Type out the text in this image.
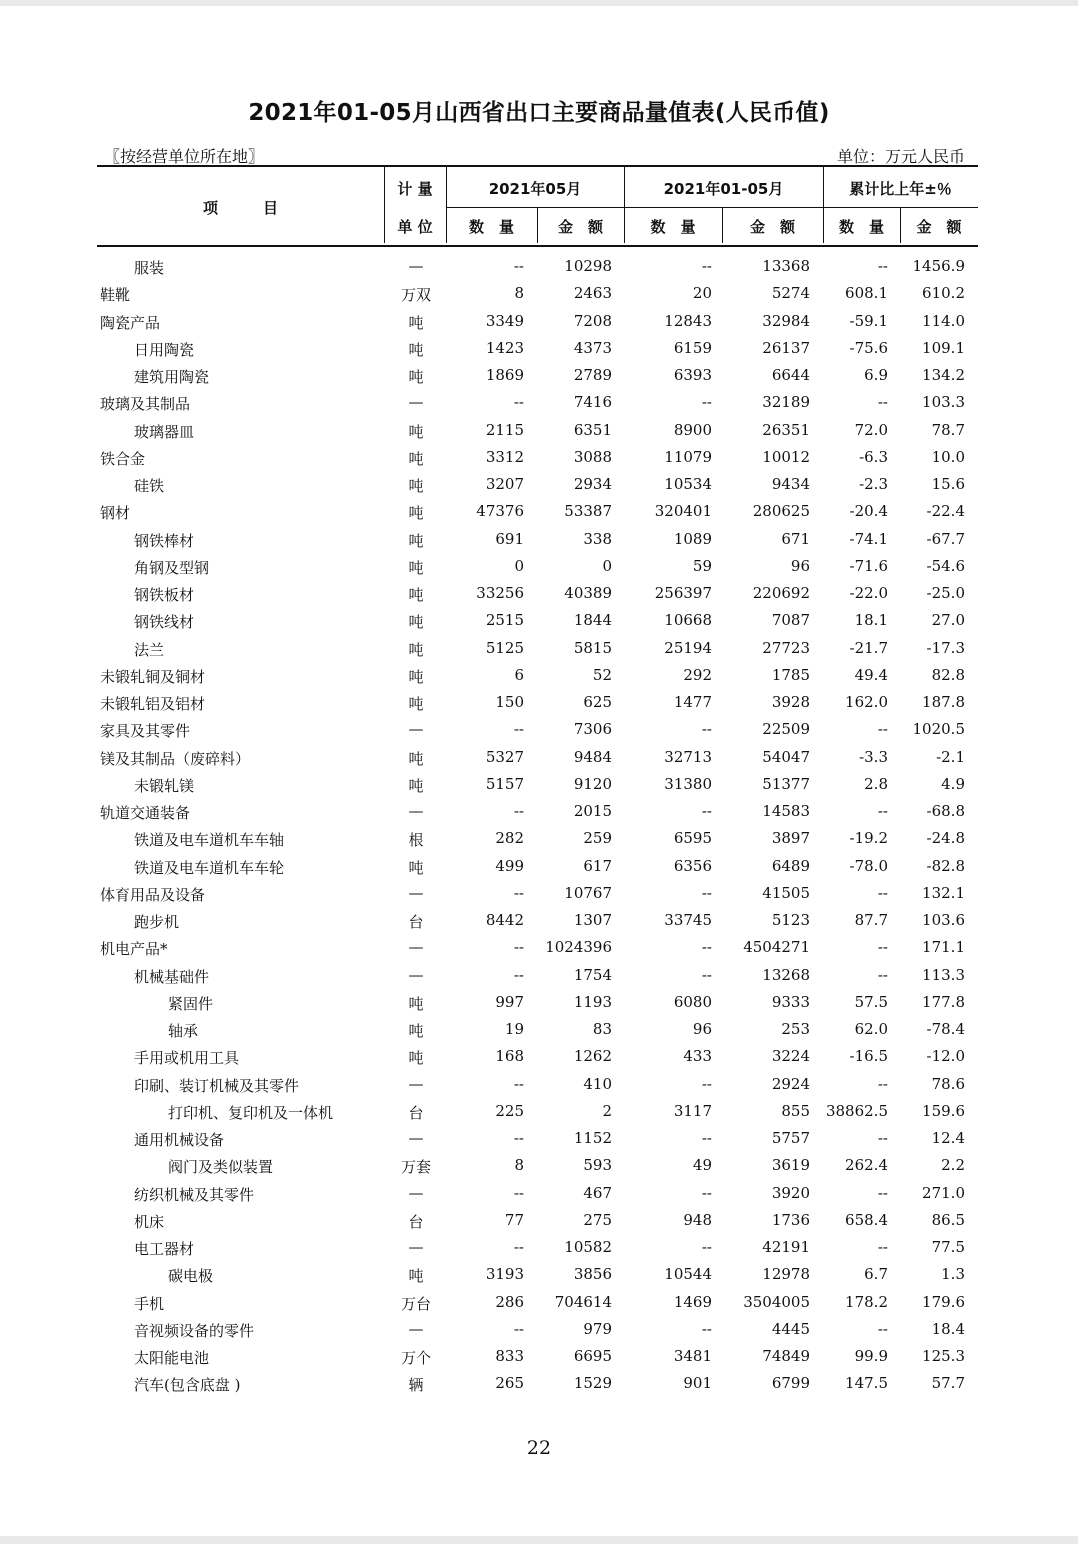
2021年01-05月山西省出口主要商品量值表(人民币值)
〖按经营单位所在地〗	单位：万元人民币
项　　　目
计 量
单 位
2021年05月	2021年01-05月	累计比上年±％
数　量	金　额	数　量	金　额	数　量	金　额
服装	—	--	10298	--	13368	-- 1456.9
鞋靴	万双	8	2463	20	5274 608.1 610.2
陶瓷产品	吨	3349	7208	12843	32984	-59.1 114.0
日用陶瓷	吨	1423	4373	6159	26137	-75.6 109.1
建筑用陶瓷	吨	1869	2789	6393	6644	6.9 134.2
玻璃及其制品	—	--	7416	--	32189	-- 103.3
玻璃器皿	吨	2115	6351	8900	26351	72.0	78.7
铁合金	吨	3312	3088	11079	10012	-6.3	10.0
硅铁	吨	3207	2934	10534	9434	-2.3	15.6
钢材	吨	47376	53387	320401	280625	-20.4	-22.4
钢铁棒材	吨	691	338	1089	671	-74.1	-67.7
角钢及型钢	吨	0	0	59	96	-71.6	-54.6
钢铁板材	吨	33256	40389	256397	220692	-22.0	-25.0
钢铁线材	吨	2515	1844	10668	7087	18.1	27.0
法兰	吨	5125	5815	25194	27723	-21.7	-17.3
未锻轧铜及铜材	吨	6	52	292	1785	49.4	82.8
未锻轧铝及铝材	吨	150	625	1477	3928 162.0 187.8
家具及其零件	—	--	7306	--	22509	-- 1020.5
镁及其制品（废碎料）	吨	5327	9484	32713	54047	-3.3	-2.1
未锻轧镁	吨	5157	9120	31380	51377	2.8	4.9
轨道交通装备	—	--	2015	--	14583	--	-68.8
铁道及电车道机车车轴	根	282	259	6595	3897	-19.2	-24.8
铁道及电车道机车车轮	吨	499	617	6356	6489	-78.0	-82.8
体育用品及设备	—	--	10767	--	41505	-- 132.1
跑步机	台	8442	1307	33745	5123	87.7 103.6
机电产品*	—	-- 1024396	-- 4504271	-- 171.1
机械基础件	—	--	1754	--	13268	-- 113.3
紧固件	吨	997	1193	6080	9333	57.5 177.8
轴承	吨	19	83	96	253	62.0	-78.4
手用或机用工具	吨	168	1262	433	3224	-16.5	-12.0
印刷、装订机械及其零件	—	--	410	--	2924	--	78.6
打印机、复印机及一体机	台	225	2	3117	855 38862.5 159.6
通用机械设备	—	--	1152	--	5757	--	12.4
阀门及类似装置	万套	8	593	49	3619 262.4	2.2
纺织机械及其零件	—	--	467	--	3920	-- 271.0
机床	台	77	275	948	1736 658.4	86.5
电工器材	—	--	10582	--	42191	--	77.5
碳电极	吨	3193	3856	10544	12978	6.7	1.3
手机	万台	286 704614	1469 3504005 178.2 179.6
音视频设备的零件	—	--	979	--	4445	--	18.4
太阳能电池	万个	833	6695	3481	74849	99.9 125.3
汽车(包含底盘 )	辆	265	1529	901	6799 147.5	57.7
22
